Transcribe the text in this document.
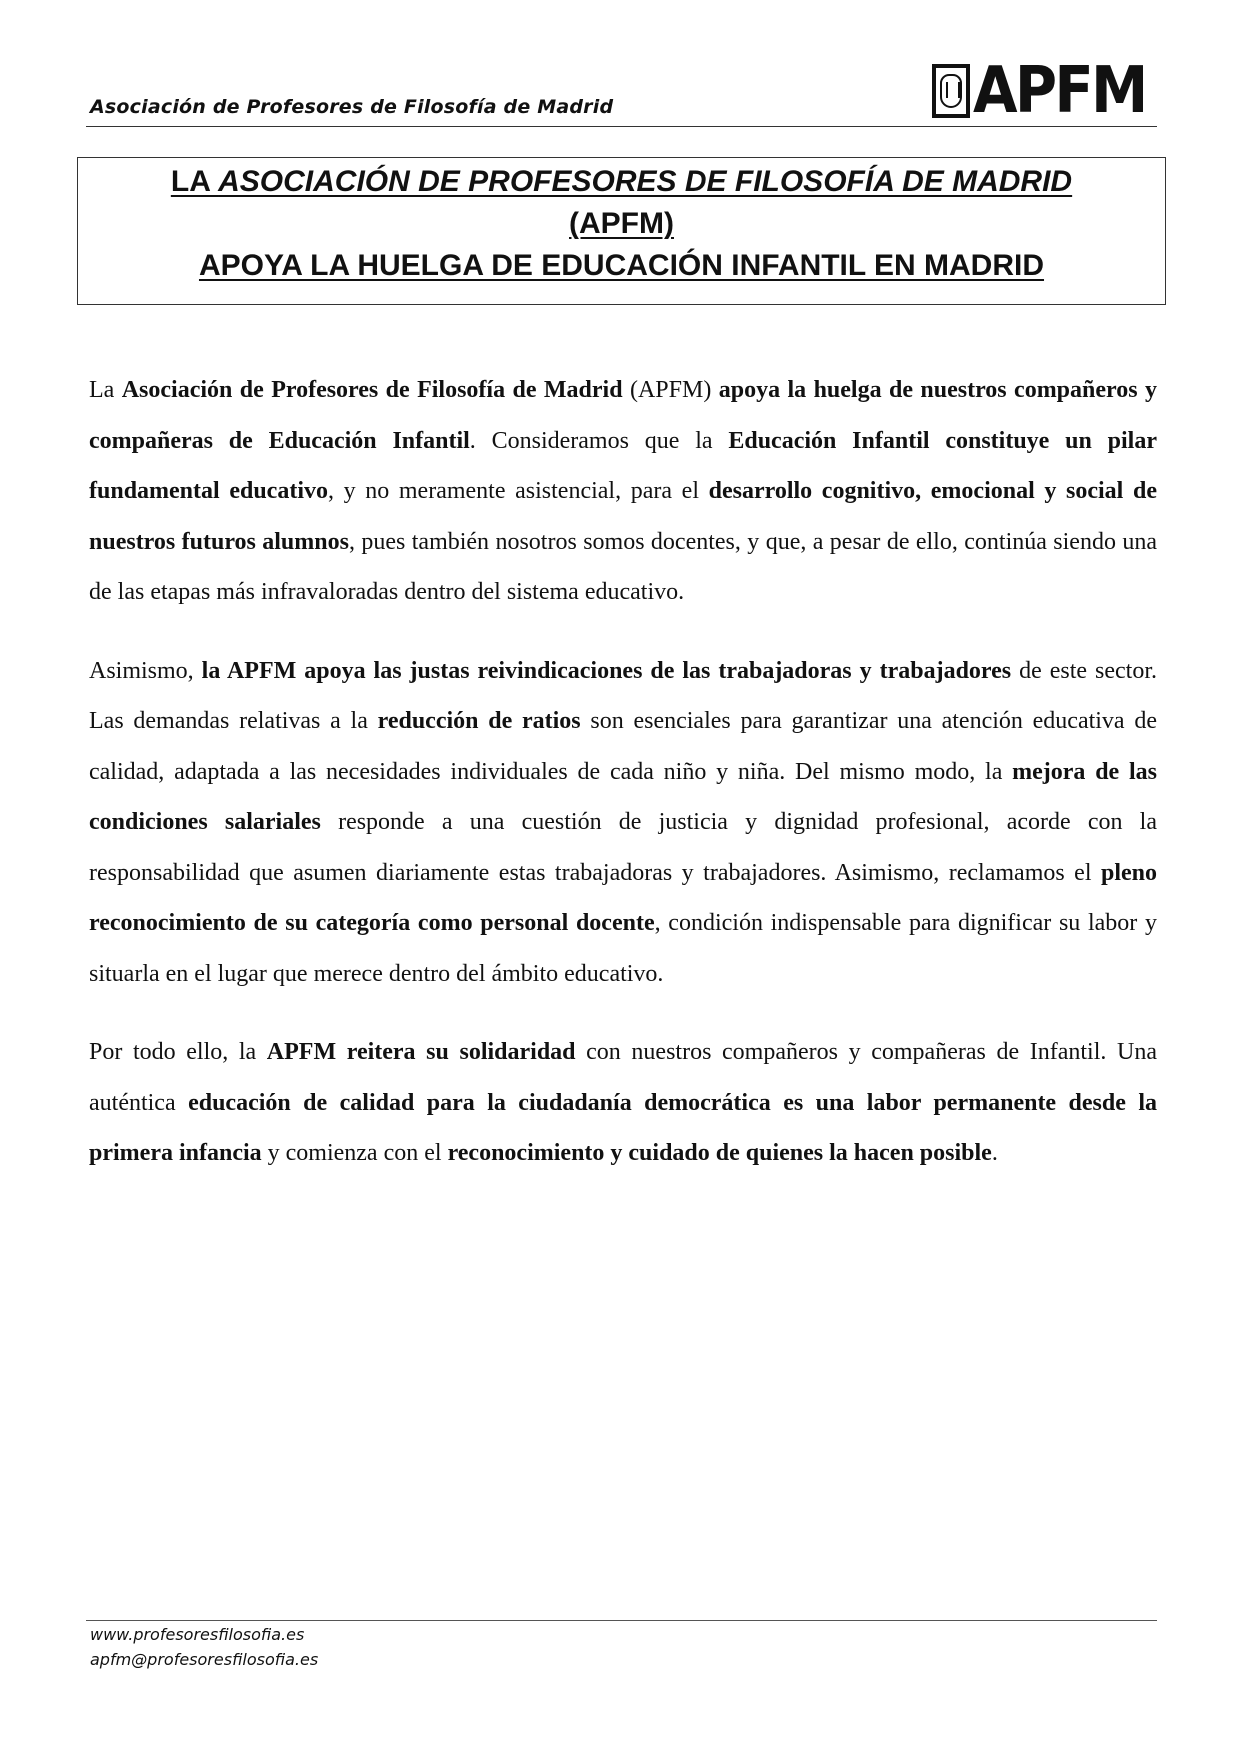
Asociación de Profesores de Filosofía de Madrid	APFM
LA ASOCIACIÓN DE PROFESORES DE FILOSOFÍA DE MADRID
(APFM)
APOYA LA HUELGA DE EDUCACIÓN INFANTIL EN MADRID

La Asociación de Profesores de Filosofía de Madrid (APFM) apoya la huelga de nuestros compañeros y compañeras de Educación Infantil. Consideramos que la Educación Infantil constituye un pilar fundamental educativo, y no meramente asistencial, para el desarrollo cognitivo, emocional y social de nuestros futuros alumnos, pues también nosotros somos docentes, y que, a pesar de ello, continúa siendo una de las etapas más infravaloradas dentro del sistema educativo.

Asimismo, la APFM apoya las justas reivindicaciones de las trabajadoras y trabajadores de este sector. Las demandas relativas a la reducción de ratios son esenciales para garantizar una atención educativa de calidad, adaptada a las necesidades individuales de cada niño y niña. Del mismo modo, la mejora de las condiciones salariales responde a una cuestión de justicia y dignidad profesional, acorde con la responsabilidad que asumen diariamente estas trabajadoras y trabajadores. Asimismo, reclamamos el pleno reconocimiento de su categoría como personal docente, condición indispensable para dignificar su labor y situarla en el lugar que merece dentro del ámbito educativo.

Por todo ello, la APFM reitera su solidaridad con nuestros compañeros y compañeras de Infantil. Una auténtica educación de calidad para la ciudadanía democrática es una labor permanente desde la primera infancia y comienza con el reconocimiento y cuidado de quienes la hacen posible.

www.profesoresfilosofia.es
apfm@profesoresfilosofia.es
